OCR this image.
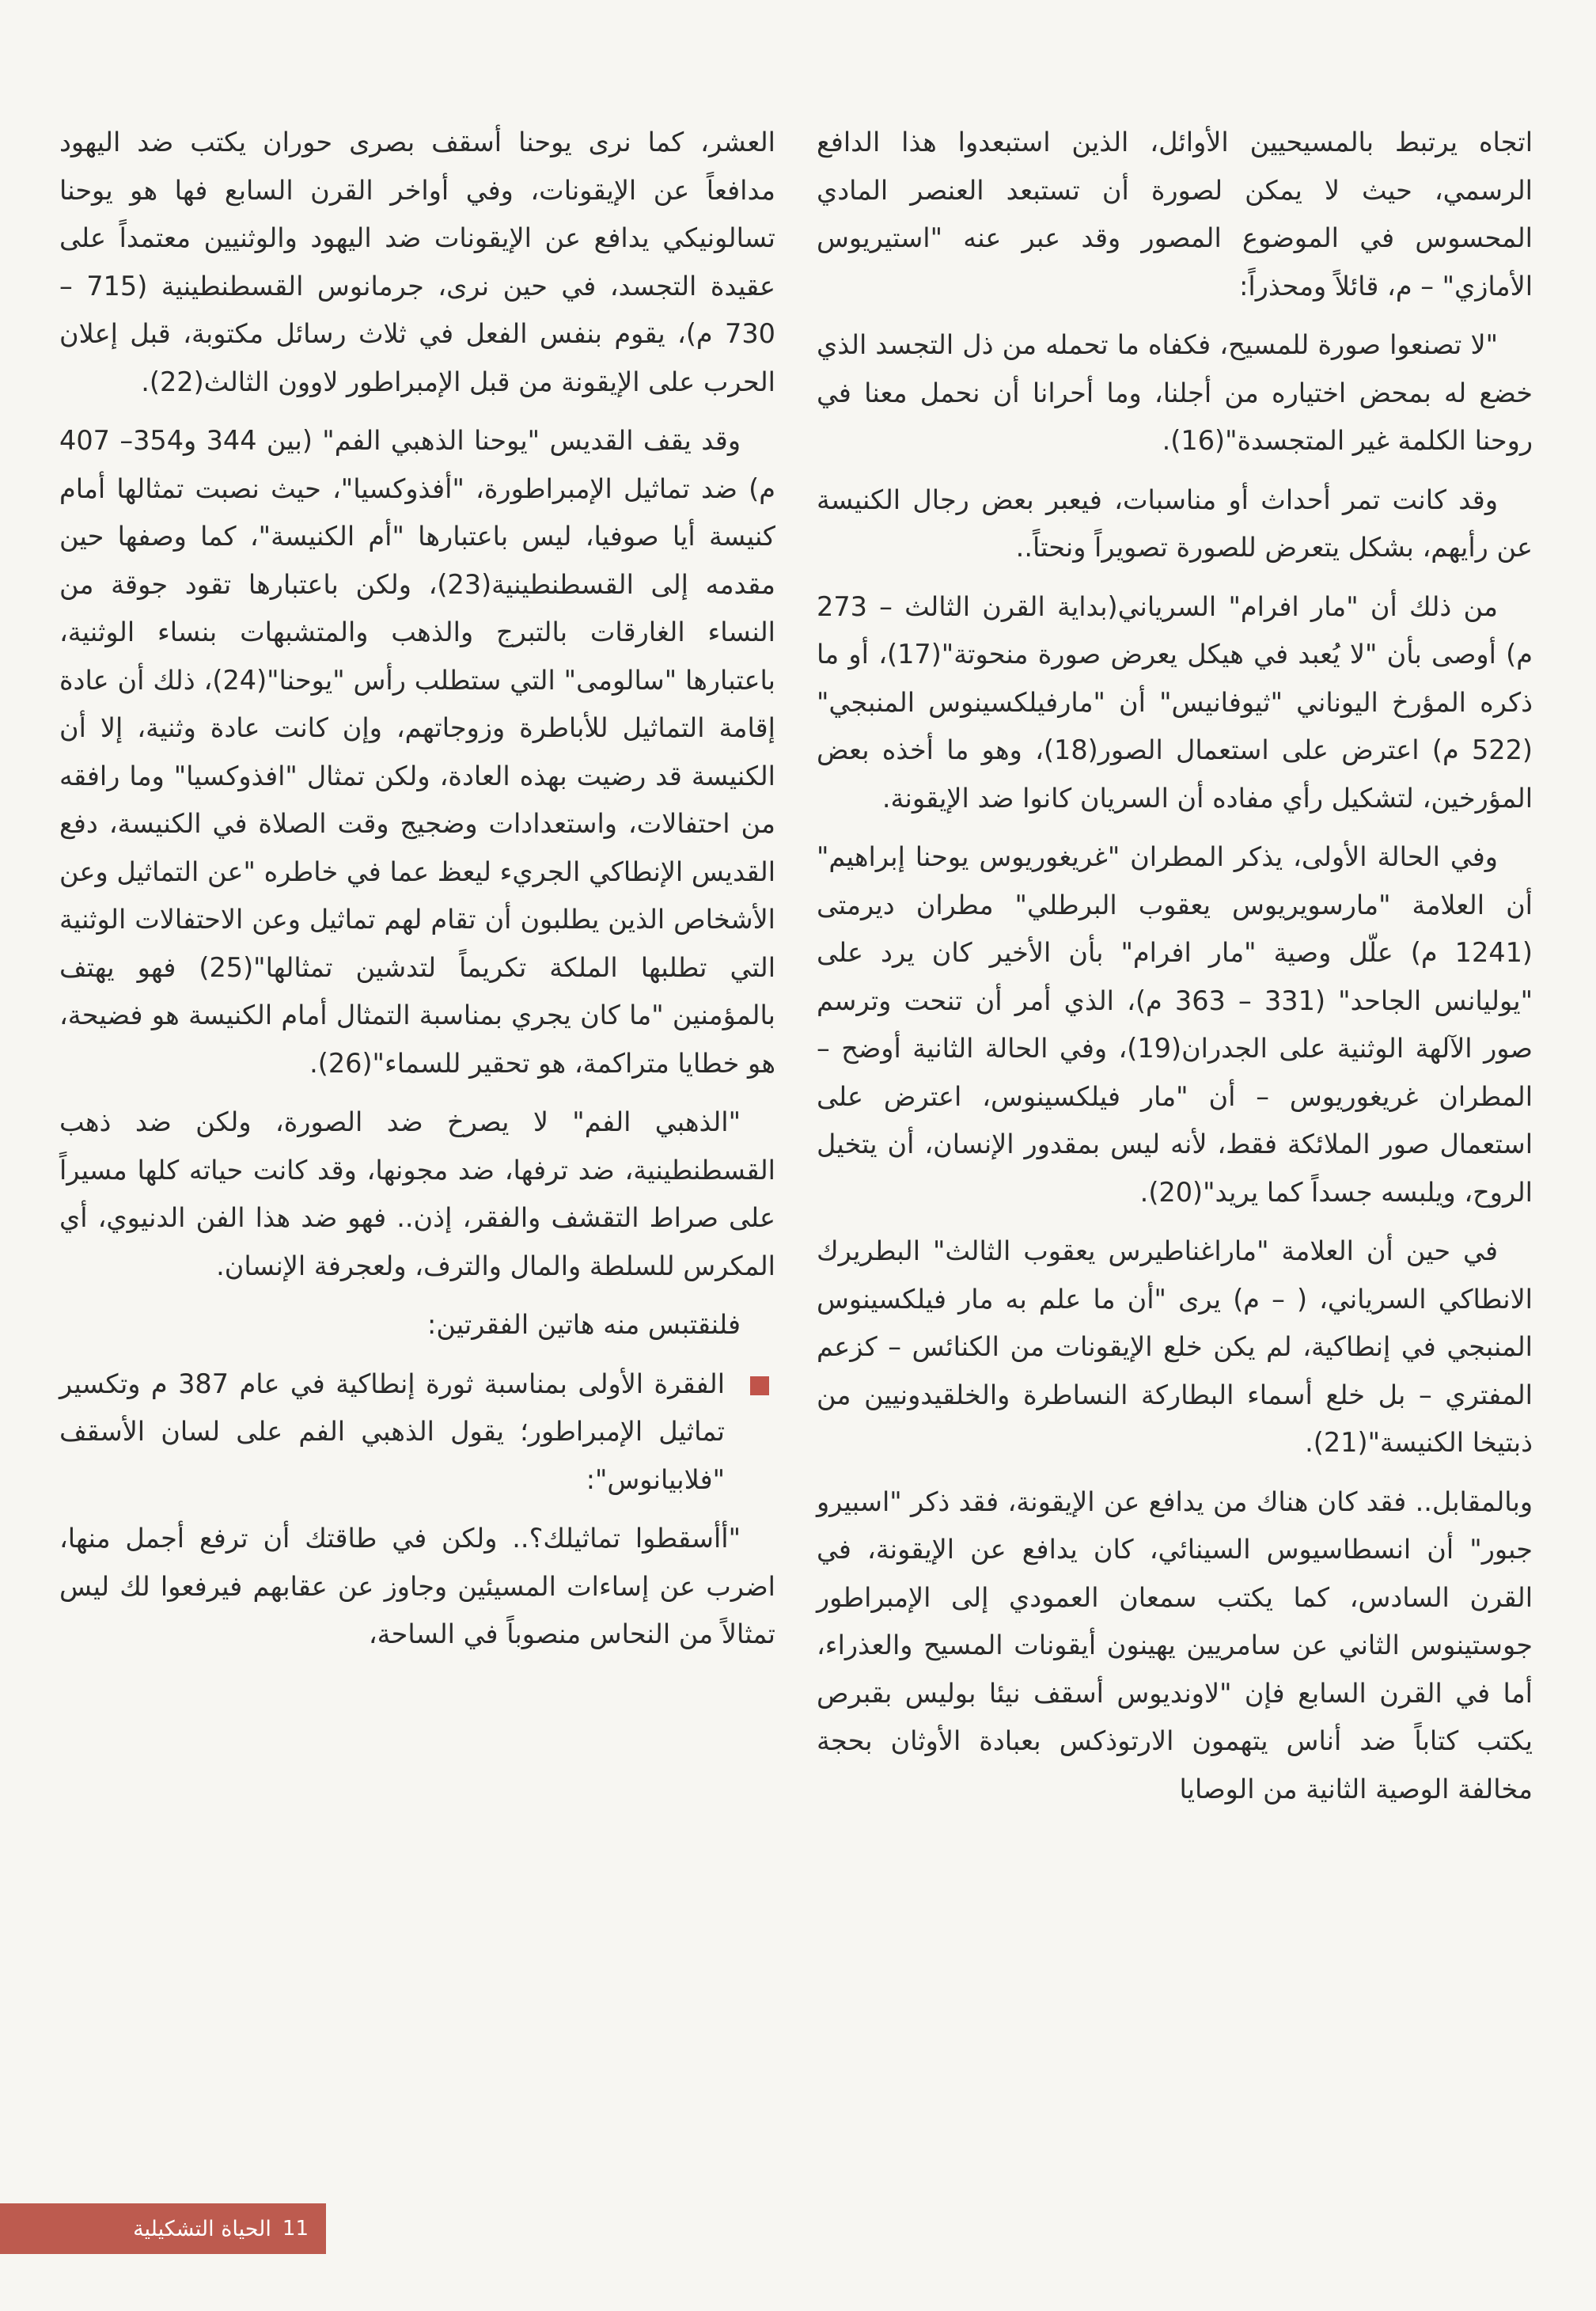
اتجاه يرتبط بالمسيحيين الأوائل، الذين استبعدوا هذا الدافع الرسمي، حيث لا يمكن لصورة أن تستبعد العنصر المادي المحسوس في الموضوع المصور وقد عبر عنه "استيريوس الأمازي" – م، قائلاً ومحذراً:

"لا تصنعوا صورة للمسيح، فكفاه ما تحمله من ذل التجسد الذي خضع له بمحض اختياره من أجلنا، وما أحرانا أن نحمل معنا في روحنا الكلمة غير المتجسدة"(16).

وقد كانت تمر أحداث أو مناسبات، فيعبر بعض رجال الكنيسة عن رأيهم، بشكل يتعرض للصورة تصويراً ونحتاً..

من ذلك أن "مار افرام" السرياني(بداية القرن الثالث – 273 م) أوصى بأن "لا يُعبد في هيكل يعرض صورة منحوتة"(17)، أو ما ذكره المؤرخ اليوناني "ثيوفانيس" أن "مارفيلكسينوس المنبجي" (522 م) اعترض على استعمال الصور(18)، وهو ما أخذه بعض المؤرخين، لتشكيل رأي مفاده أن السريان كانوا ضد الإيقونة.

وفي الحالة الأولى، يذكر المطران "غريغوريوس يوحنا إبراهيم" أن العلامة "مارسويريوس يعقوب البرطلي" مطران ديرمتى (1241 م) علّل وصية "مار افرام" بأن الأخير كان يرد على "يوليانس الجاحد" (331 – 363 م)، الذي أمر أن تنحت وترسم صور الآلهة الوثنية على الجدران(19)، وفي الحالة الثانية أوضح – المطران غريغوريوس – أن "مار فيلكسينوس، اعترض على استعمال صور الملائكة فقط، لأنه ليس بمقدور الإنسان، أن يتخيل الروح، ويلبسه جسداً كما يريد"(20).

في حين أن العلامة "ماراغناطيرس يعقوب الثالث" البطريرك الانطاكي السرياني، ( – م) يرى "أن ما علم به مار فيلكسينوس المنبجي في إنطاكية، لم يكن خلع الإيقونات من الكنائس – كزعم المفتري – بل خلع أسماء البطاركة النساطرة والخلقيدونيين من ذبتيخا الكنيسة"(21).

وبالمقابل.. فقد كان هناك من يدافع عن الإيقونة، فقد ذكر "اسبيرو جبور" أن انسطاسيوس السينائي، كان يدافع عن الإيقونة، في القرن السادس، كما يكتب سمعان العمودي إلى الإمبراطور جوستينوس الثاني عن سامريين يهينون أيقونات المسيح والعذراء، أما في القرن السابع فإن "لاونديوس أسقف نيئا بوليس بقبرص يكتب كتاباً ضد أناس يتهمون الارتوذكس بعبادة الأوثان بحجة مخالفة الوصية الثانية من الوصايا

العشر، كما نرى يوحنا أسقف بصرى حوران يكتب ضد اليهود مدافعاً عن الإيقونات، وفي أواخر القرن السابع فها هو يوحنا تسالونيكي يدافع عن الإيقونات ضد اليهود والوثنيين معتمداً على عقيدة التجسد، في حين نرى، جرمانوس القسطنطينية (715 – 730 م)، يقوم بنفس الفعل في ثلاث رسائل مكتوبة، قبل إعلان الحرب على الإيقونة من قبل الإمبراطور لاوون الثالث(22).

وقد يقف القديس "يوحنا الذهبي الفم" (بين 344 و354– 407 م) ضد تماثيل الإمبراطورة، "أفذوكسيا"، حيث نصبت تمثالها أمام كنيسة أيا صوفيا، ليس باعتبارها "أم الكنيسة"، كما وصفها حين مقدمه إلى القسطنطينية(23)، ولكن باعتبارها تقود جوقة من النساء الغارقات بالتبرج والذهب والمتشبهات بنساء الوثنية، باعتبارها "سالومى" التي ستطلب رأس "يوحنا"(24)، ذلك أن عادة إقامة التماثيل للأباطرة وزوجاتهم، وإن كانت عادة وثنية، إلا أن الكنيسة قد رضيت بهذه العادة، ولكن تمثال "افذوكسيا" وما رافقه من احتفالات، واستعدادات وضجيج وقت الصلاة في الكنيسة، دفع القديس الإنطاكي الجريء ليعظ عما في خاطره "عن التماثيل وعن الأشخاص الذين يطلبون أن تقام لهم تماثيل وعن الاحتفالات الوثنية التي تطلبها الملكة تكريماً لتدشين تمثالها"(25) فهو يهتف بالمؤمنين "ما كان يجري بمناسبة التمثال أمام الكنيسة هو فضيحة، هو خطايا متراكمة، هو تحقير للسماء"(26).

"الذهبي الفم" لا يصرخ ضد الصورة، ولكن ضد ذهب القسطنطينية، ضد ترفها، ضد مجونها، وقد كانت حياته كلها مسيراً على صراط التقشف والفقر، إذن.. فهو ضد هذا الفن الدنيوي، أي المكرس للسلطة والمال والترف، ولعجرفة الإنسان.

فلنقتبس منه هاتين الفقرتين:

الفقرة الأولى بمناسبة ثورة إنطاكية في عام 387 م وتكسير تماثيل الإمبراطور؛ يقول الذهبي الفم على لسان الأسقف "فلابيانوس":

"أأسقطوا تماثيلك؟.. ولكن في طاقتك أن ترفع أجمل منها، اضرب عن إساءات المسيئين وجاوز عن عقابهم فيرفعوا لك ليس تمثالاً من النحاس منصوباً في الساحة،

11
الحياة التشكيلية
